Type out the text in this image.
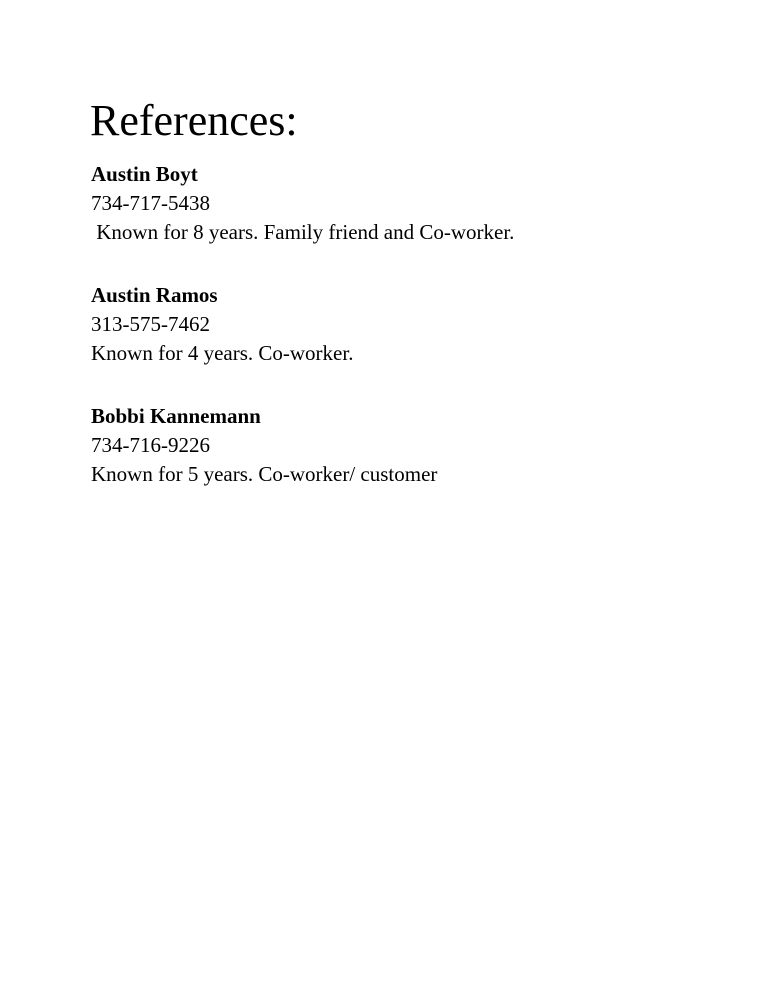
References:
Austin Boyt
734-717-5438
Known for 8 years. Family friend and Co-worker.
Austin Ramos
313-575-7462
Known for 4 years. Co-worker.
Bobbi Kannemann
734-716-9226
Known for 5 years. Co-worker/ customer
